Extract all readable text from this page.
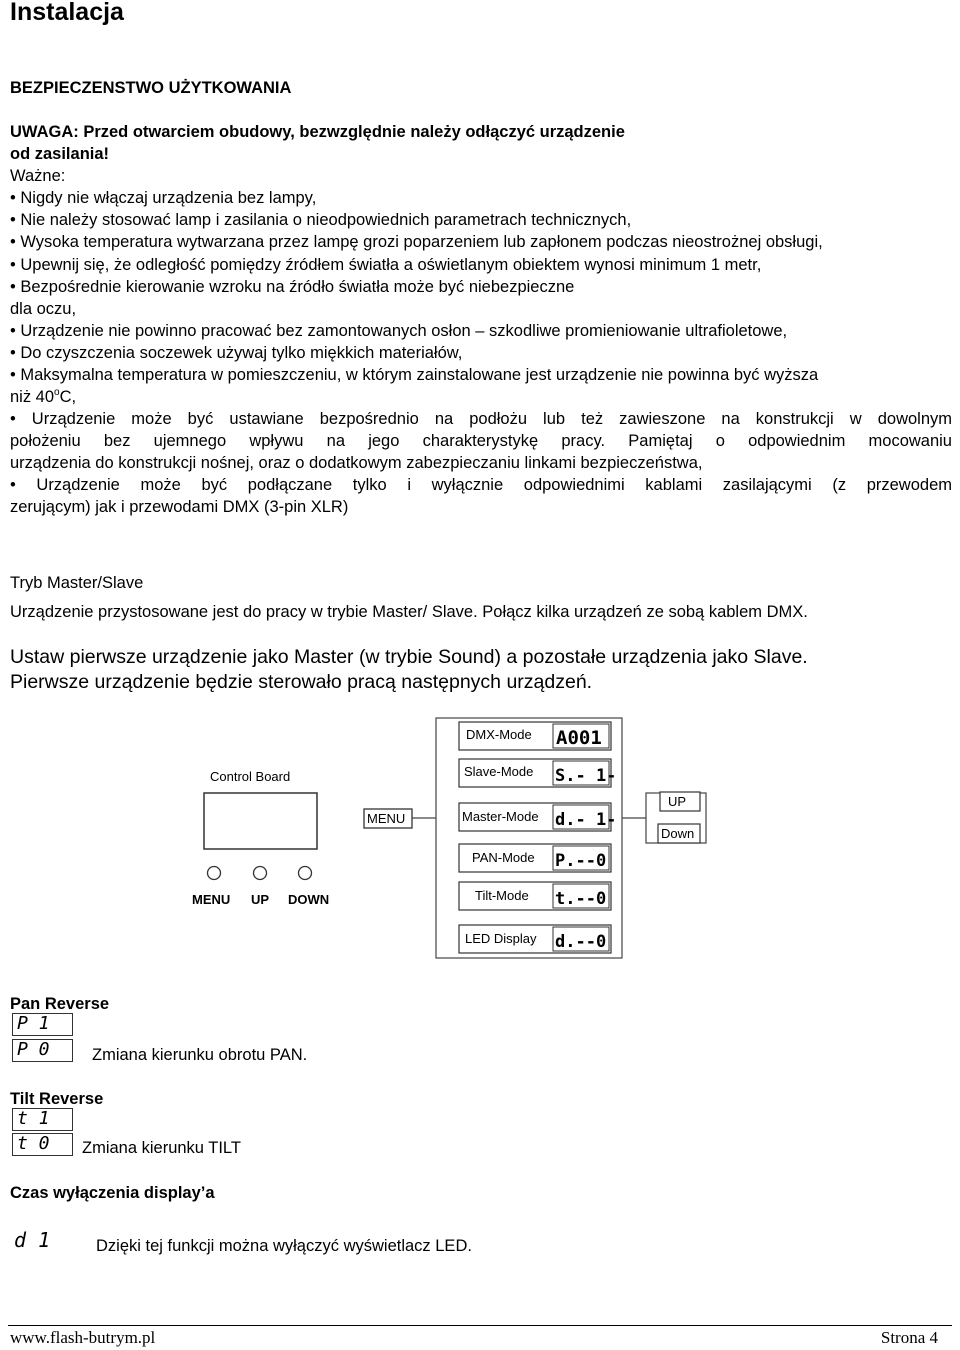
Instalacja
BEZPIECZENSTWO UŻYTKOWANIA
UWAGA: Przed otwarciem obudowy, bezwzględnie należy odłączyć urządzenie
od zasilania!
Ważne:
• Nigdy nie włączaj urządzenia bez lampy,
• Nie należy stosować lamp i zasilania o nieodpowiednich parametrach technicznych,
• Wysoka temperatura wytwarzana przez lampę grozi poparzeniem lub zapłonem podczas nieostrożnej obsługi,
• Upewnij się, że odległość pomiędzy źródłem światła a oświetlanym obiektem wynosi minimum 1 metr,
• Bezpośrednie kierowanie wzroku na źródło światła może być niebezpieczne
dla oczu,
• Urządzenie nie powinno pracować bez zamontowanych osłon – szkodliwe promieniowanie ultrafioletowe,
• Do czyszczenia soczewek używaj tylko miękkich materiałów,
• Maksymalna temperatura w pomieszczeniu, w którym zainstalowane jest urządzenie nie powinna być wyższa
niż 40$^o$C,
• Urządzenie może być ustawiane bezpośrednio na podłożu lub też zawieszone na konstrukcji w dowolnym
położeniu bez ujemnego wpływu na jego charakterystykę pracy. Pamiętaj o odpowiednim mocowaniu
urządzenia do konstrukcji nośnej, oraz o dodatkowym zabezpieczaniu linkami bezpieczeństwa,
• Urządzenie może być podłączane tylko i wyłącznie odpowiednimi kablami zasilającymi (z przewodem
zerującym) jak i przewodami DMX (3-pin XLR)
Tryb Master/Slave
Urządzenie przystosowane jest do pracy w trybie Master/ Slave. Połącz kilka urządzeń ze sobą kablem DMX.
Ustaw pierwsze urządzenie jako Master (w trybie Sound) a pozostałe urządzenia jako Slave.
Pierwsze urządzenie będzie sterowało pracą następnych urządzeń.
Control Board
MENU UP DOWN
MENU
DMX-Mode A001
Slave-Mode S.- 1-
Master-Mode d.- 1-
PAN-Mode P.--0
Tilt-Mode t.--0
LED Display d.--0
UP
Down
Pan Reverse
P 1
P 0	Zmiana kierunku obrotu PAN.
Tilt Reverse
t 1
t 0 Zmiana kierunku TILT
Czas wyłączenia display’a
d 1	Dzięki tej funkcji można wyłączyć wyświetlacz LED.
www.flash-butrym.pl	Strona 4
